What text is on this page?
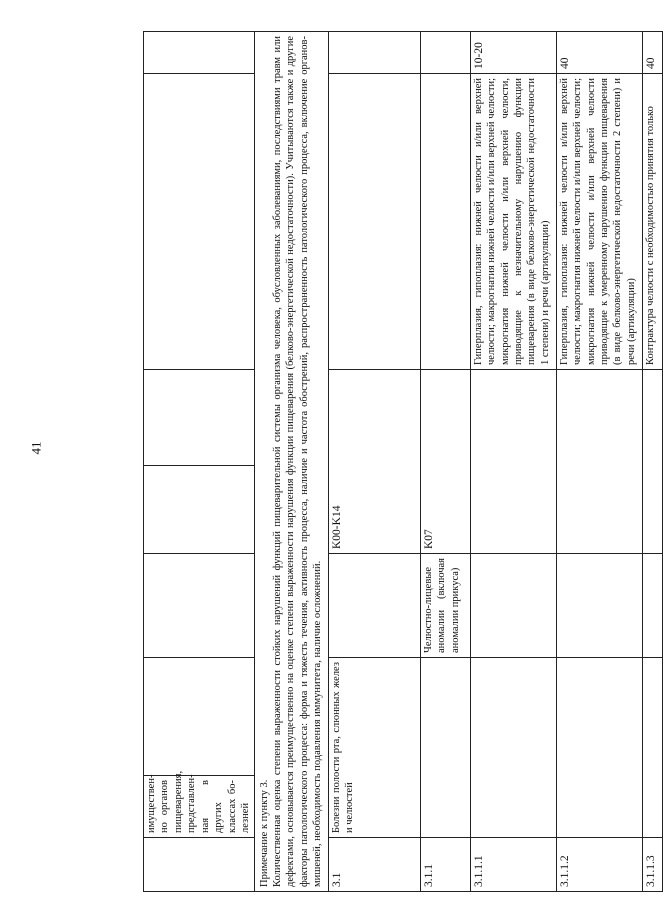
41
	имуществен-но органов пищеварения, представлен-ная в других классах бо-лезней						

Примечание к пункту 3. Количественная оценка степени выраженности стойких нарушений функций пищеварительной системы организма человека, обусловленных заболеваниями, последствиями травм или дефектами, основывается преимущественно на оценке степени выраженности нарушения функции пищеварения (белково-энергетической недостаточности). Учитываются также и другие факторы патологического процесса: форма и тяжесть течения, активность процесса, наличие и частота обострений, распространенность патологического процесса, включение органов-мишеней, необходимость подавления иммунитета, наличие осложнений.							

3.1	Болезни полости рта, слюнных желез и челюстей			K00-K14			
3.1.1			Челюстно-лицевые аномалии (включая аномалии прикуса)	K07			
3.1.1.1						Гиперплазия, гипоплазия: нижней челюсти и/или верхней челюсти; макрогнатия нижней челюсти и/или верхней челюсти; микрогнатия нижней челюсти и/или верхней челюсти, приводящие к незначительному нарушению функции пищеварения (в виде белково-энергетической недостаточности 1 степени) и речи (артикуляции)	10-20
3.1.1.2						Гиперплазия, гипоплазия: нижней челюсти и/или верхней челюсти; макрогнатия нижней челюсти и/или верхней челюсти; микрогнатия нижней челюсти и/или верхней челюсти приводящие к умеренному нарушению функции пищеварения (в виде белково-энергетической недостаточности 2 степени) и речи (артикуляции)	40
3.1.1.3						Контрактура челюсти с необходимостью принятия только	40
